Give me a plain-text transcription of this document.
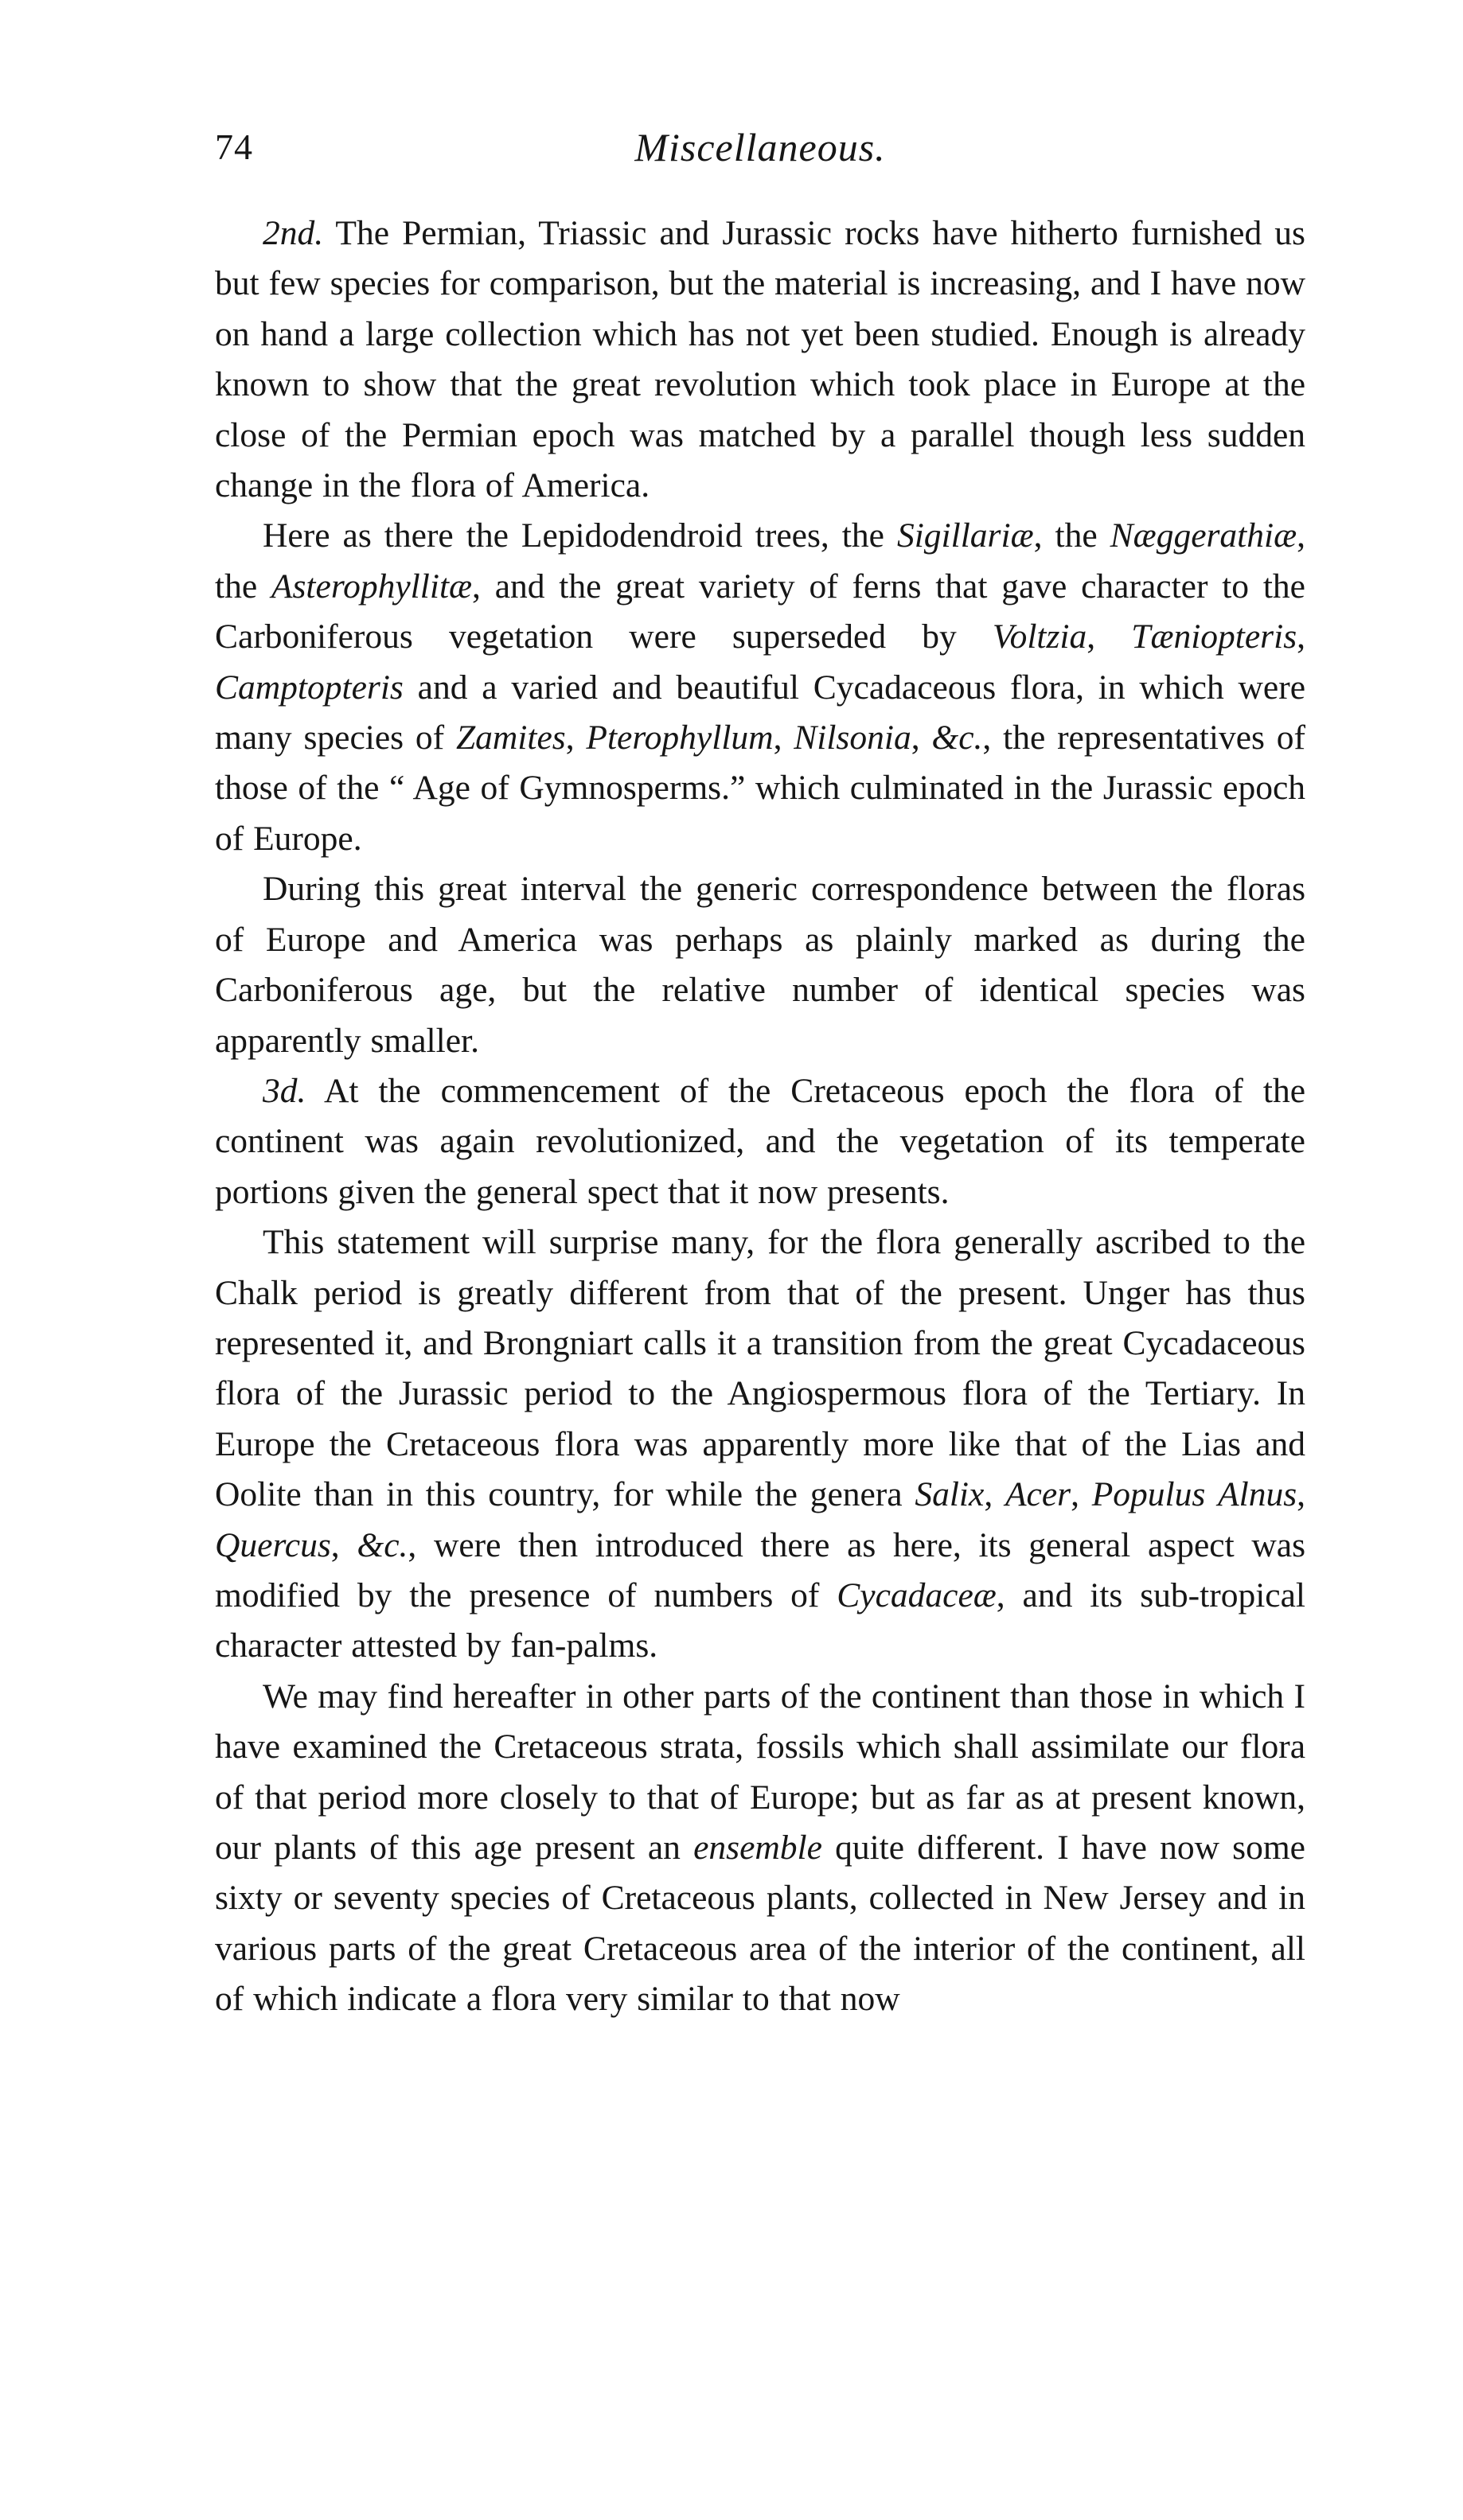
74	Miscellaneous.

2nd. The Permian, Triassic and Jurassic rocks have hitherto furnished us but few species for comparison, but the material is increasing, and I have now on hand a large collection which has not yet been studied. Enough is already known to show that the great revolution which took place in Europe at the close of the Permian epoch was matched by a parallel though less sudden change in the flora of America.

Here as there the Lepidodendroid trees, the Sigillariæ, the Næggerathiæ, the Asterophyllitæ, and the great variety of ferns that gave character to the Carboniferous vegetation were superseded by Voltzia, Tæniopteris, Camptopteris and a varied and beautiful Cycadaceous flora, in which were many species of Zamites, Pterophyllum, Nilsonia, &c., the representatives of those of the “ Age of Gymnosperms.” which culminated in the Jurassic epoch of Europe.

During this great interval the generic correspondence between the floras of Europe and America was perhaps as plainly marked as during the Carboniferous age, but the relative number of identical species was apparently smaller.

3d. At the commencement of the Cretaceous epoch the flora of the continent was again revolutionized, and the vegetation of its temperate portions given the general spect that it now presents.

This statement will surprise many, for the flora generally ascribed to the Chalk period is greatly different from that of the present. Unger has thus represented it, and Brongniart calls it a transition from the great Cycadaceous flora of the Jurassic period to the Angiospermous flora of the Tertiary. In Europe the Cretaceous flora was apparently more like that of the Lias and Oolite than in this country, for while the genera Salix, Acer, Populus Alnus, Quercus, &c., were then introduced there as here, its general aspect was modified by the presence of numbers of Cycadaceæ, and its sub-tropical character attested by fan-palms.

We may find hereafter in other parts of the continent than those in which I have examined the Cretaceous strata, fossils which shall assimilate our flora of that period more closely to that of Europe; but as far as at present known, our plants of this age present an ensemble quite different. I have now some sixty or seventy species of Cretaceous plants, collected in New Jersey and in various parts of the great Cretaceous area of the interior of the continent, all of which indicate a flora very similar to that now
